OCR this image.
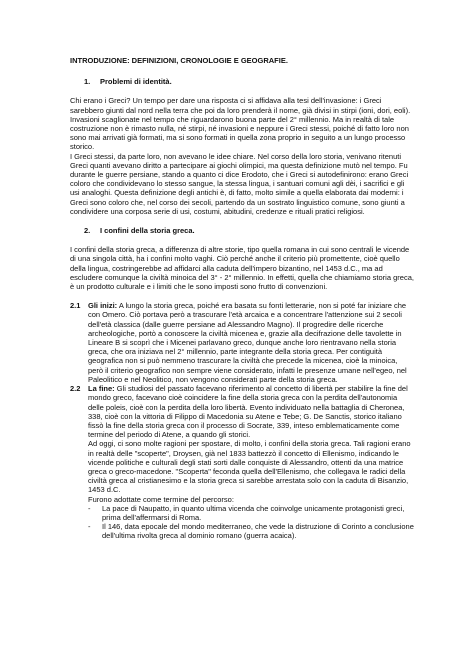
INTRODUZIONE: DEFINIZIONI, CRONOLOGIE E GEOGRAFIE.
1. Problemi di identità.

Chi erano i Greci? Un tempo per dare una risposta ci si affidava alla tesi dell'invasione: i Greci sarebbero giunti dal nord nella terra che poi da loro prenderà il nome, già divisi in stirpi (ioni, dori, eoli). Invasioni scaglionate nel tempo che riguardarono buona parte del 2° millennio. Ma in realtà di tale costruzione non è rimasto nulla, né stirpi, né invasioni e neppure i Greci stessi, poiché di fatto loro non sono mai arrivati già formati, ma si sono formati in quella zona proprio in seguito a un lungo processo storico.

I Greci stessi, da parte loro, non avevano le idee chiare. Nel corso della loro storia, venivano ritenuti Greci quanti avevano diritto a partecipare ai giochi olimpici, ma questa definizione mutò nel tempo. Fu durante le guerre persiane, stando a quanto ci dice Erodoto, che i Greci si autodefinirono: erano Greci coloro che condividevano lo stesso sangue, la stessa lingua, i santuari comuni agli dèi, i sacrifici e gli usi analoghi. Questa definizione degli antichi è, di fatto, molto simile a quella elaborata dai moderni: i Greci sono coloro che, nel corso dei secoli, partendo da un sostrato linguistico comune, sono giunti a condividere una corposa serie di usi, costumi, abitudini, credenze e rituali pratici religiosi.

2. I confini della storia greca.

I confini della storia greca, a differenza di altre storie, tipo quella romana in cui sono centrali le vicende di una singola città, ha i confini molto vaghi. Ciò perché anche il criterio più promettente, cioè quello della lingua, costringerebbe ad affidarci alla caduta dell'impero bizantino, nel 1453 d.C., ma ad escludere comunque la civiltà minoica del 3° - 2° millennio. In effetti, quella che chiamiamo storia greca, è un prodotto culturale e i limiti che le sono imposti sono frutto di convenzioni.

2.1 Gli inizi: A lungo la storia greca, poiché era basata su fonti letterarie, non si poté far iniziare che con Omero. Ciò portava però a trascurare l'età arcaica e a concentrare l'attenzione sui 2 secoli dell'età classica (dalle guerre persiane ad Alessandro Magno). Il progredire delle ricerche archeologiche, portò a conoscere la civiltà micenea e, grazie alla decifrazione delle tavolette in Lineare B si scoprì che i Micenei parlavano greco, dunque anche loro rientravano nella storia greca, che ora iniziava nel 2° millennio, parte integrante della storia greca. Per contiguità geografica non si può nemmeno trascurare la civiltà che precede la micenea, cioè la minoica, però il criterio geografico non sempre viene considerato, infatti le presenze umane nell'egeo, nel Paleolitico e nel Neolitico, non vengono considerati parte della storia greca.

2.2 La fine: Gli studiosi del passato facevano riferimento al concetto di libertà per stabilire la fine del mondo greco, facevano cioè coincidere la fine della storia greca con la perdita dell'autonomia delle poleis, cioè con la perdita della loro libertà. Evento individuato nella battaglia di Cheronea, 338, cioè con la vittoria di Filippo di Macedonia su Atene e Tebe; G. De Sanctis, storico italiano fissò la fine della storia greca con il processo di Socrate, 339, inteso emblematicamente come termine del periodo di Atene, a quando gli storici.

Ad oggi, ci sono molte ragioni per spostare, di molto, i confini della storia greca. Tali ragioni erano in realtà delle "scoperte", Droysen, già nel 1833 battezzò il concetto di Ellenismo, indicando le vicende politiche e culturali degli stati sorti dalle conquiste di Alessandro, ottenti da una matrice greca o greco-macedone. "Scoperta" feconda quella dell'Ellenismo, che collegava le radici della civiltà greca al cristianesimo e la storia greca si sarebbe arrestata solo con la caduta di Bisanzio, 1453 d.C.

Furono adottate come termine del percorso:

- La pace di Naupatto, in quanto ultima vicenda che coinvolge unicamente protagonisti greci, prima dell'affermarsi di Roma.

- Il 146, data epocale del mondo mediterraneo, che vede la distruzione di Corinto a conclusione dell'ultima rivolta greca al dominio romano (guerra acaica).
